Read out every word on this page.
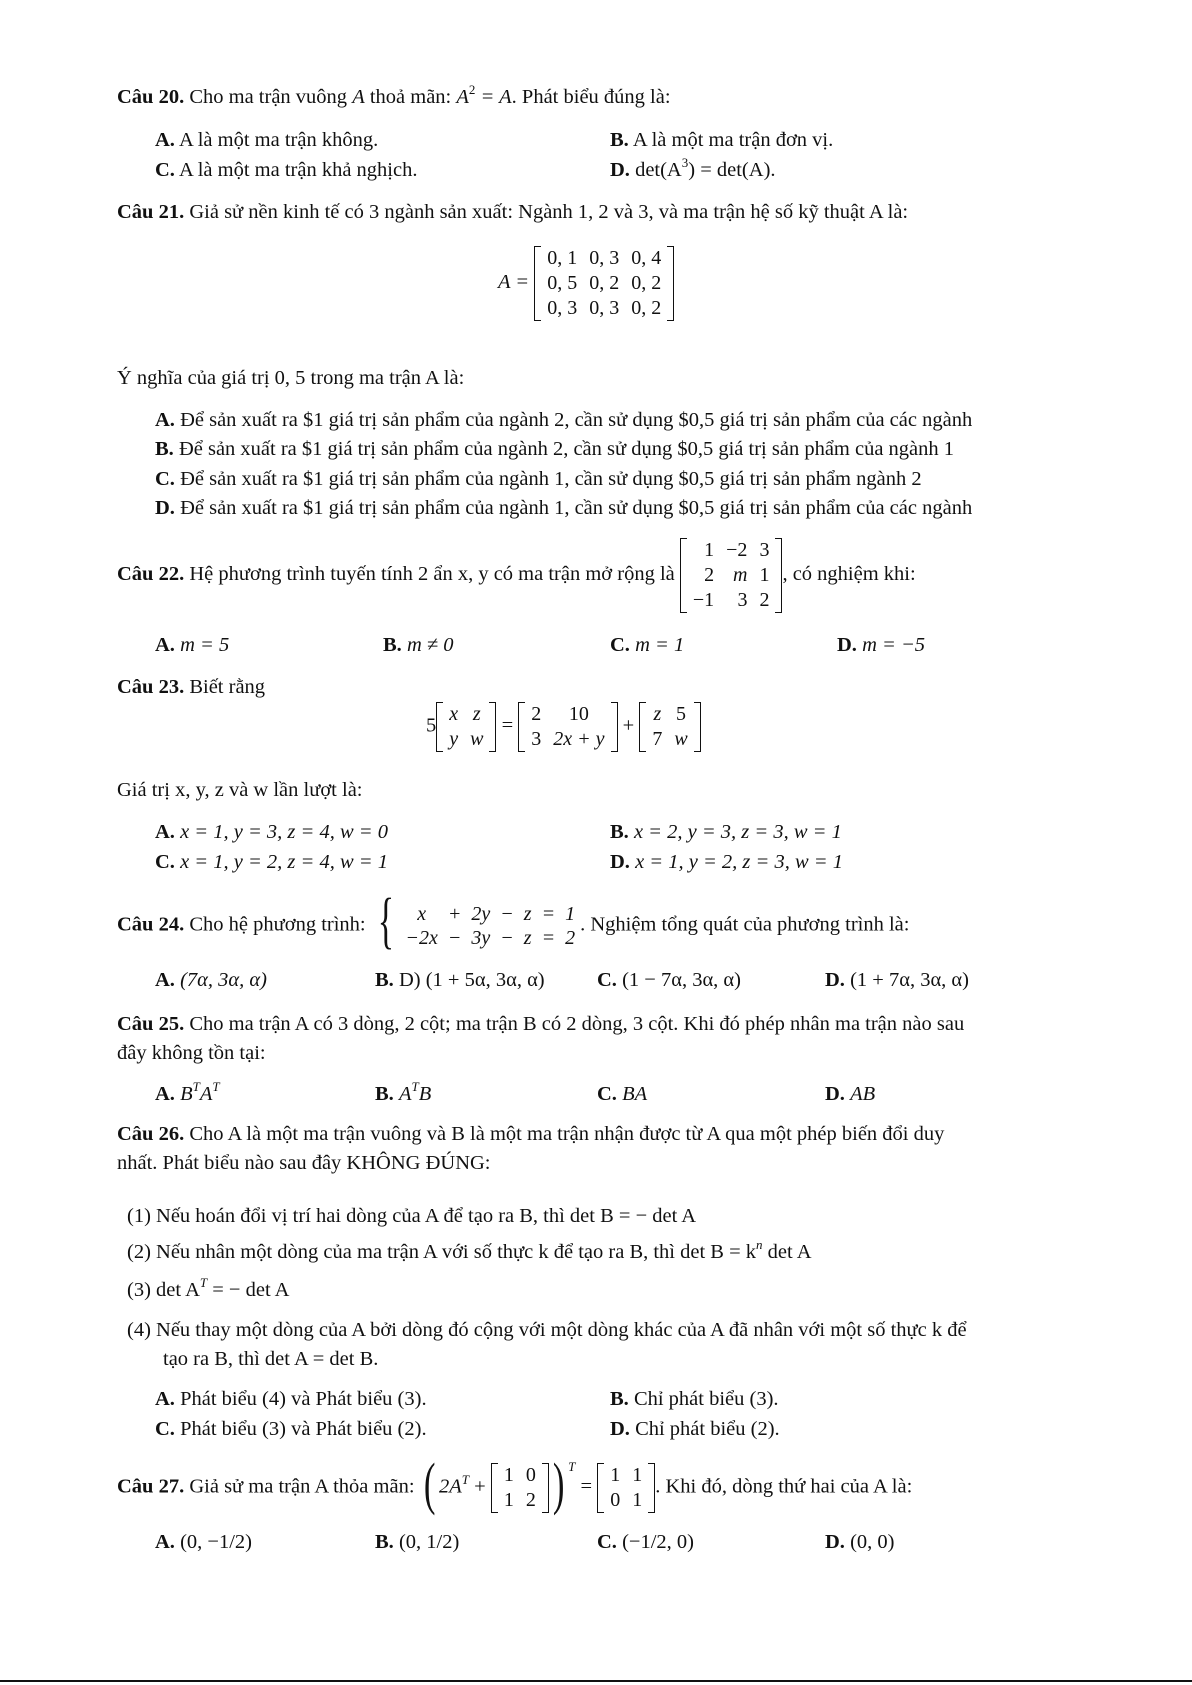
Câu 20. Cho ma trận vuông A thoả mãn: $A^2 = A$. Phát biểu đúng là:
A. A là một ma trận không.	B. A là một ma trận đơn vị.
C. A là một ma trận khả nghịch.	D. $\det(A^3) = \det(A)$.
Câu 21. Giả sử nền kinh tế có 3 ngành sản xuất: Ngành 1, 2 và 3, và ma trận hệ số kỹ thuật A là:
A =
0, 1	0, 3	0, 4
0, 5	0, 2	0, 2
0, 3	0, 3	0, 2
Ý nghĩa của giá trị 0, 5 trong ma trận A là:
A. Để sản xuất ra $1 giá trị sản phẩm của ngành 2, cần sử dụng $0,5 giá trị sản phẩm của các ngành
B. Để sản xuất ra $1 giá trị sản phẩm của ngành 2, cần sử dụng $0,5 giá trị sản phẩm của ngành 1
C. Để sản xuất ra $1 giá trị sản phẩm của ngành 1, cần sử dụng $0,5 giá trị sản phẩm ngành 2
D. Để sản xuất ra $1 giá trị sản phẩm của ngành 1, cần sử dụng $0,5 giá trị sản phẩm của các ngành
Câu 22. Hệ phương trình tuyến tính 2 ẩn x, y có ma trận mở rộng là
1	−2	3
2	m	1
−1	3	2
, có nghiệm khi:
A. m = 5	B. m ≠ 0	C. m = 1	D. m = −5
Câu 23. Biết rằng
5
x	z
y	w
=
2	10
3	2x + y
+
z	5
7	w
Giá trị x, y, z và w lần lượt là:
A. x = 1, y = 3, z = 4, w = 0	B. x = 2, y = 3, z = 3, w = 1
C. x = 1, y = 2, z = 4, w = 1	D. x = 1, y = 2, z = 3, w = 1
Câu 24. Cho hệ phương trình: { x	+	2y	−	z	=	1
−2x	−	3y	−	z	=	2
. Nghiệm tổng quát của phương trình là:
A. (7α, 3α, α)	B. D) (1 + 5α, 3α, α)	C. (1 − 7α, 3α, α)	D. (1 + 7α, 3α, α)
Câu 25. Cho ma trận A có 3 dòng, 2 cột; ma trận B có 2 dòng, 3 cột. Khi đó phép nhân ma trận nào sau
đây không tồn tại:
A. $B^TA^T$	B. $A^TB$	C. BA	D. AB
Câu 26. Cho A là một ma trận vuông và B là một ma trận nhận được từ A qua một phép biến đổi duy
nhất. Phát biểu nào sau đây KHÔNG ĐÚNG:
(1) Nếu hoán đổi vị trí hai dòng của A để tạo ra B, thì det B = − det A
(2) Nếu nhân một dòng của ma trận A với số thực k để tạo ra B, thì $\det B = k^n$ det A
(3) $\det A^T$ = − det A
(4) Nếu thay một dòng của A bởi dòng đó cộng với một dòng khác của A đã nhân với một số thực k để
tạo ra B, thì det A = det B.
A. Phát biểu (4) và Phát biểu (3).	B. Chỉ phát biểu (3).
C. Phát biểu (3) và Phát biểu (2).	D. Chỉ phát biểu (2).
Câu 27. Giả sử ma trận A thỏa mãn: ( $2A^T$ +
1	0
1	2 ) $^T$ =
1	1
0	1
. Khi đó, dòng thứ hai của A là:
A. (0, −1/2)	B. (0, 1/2)	C. (−1/2, 0)	D. (0, 0)
